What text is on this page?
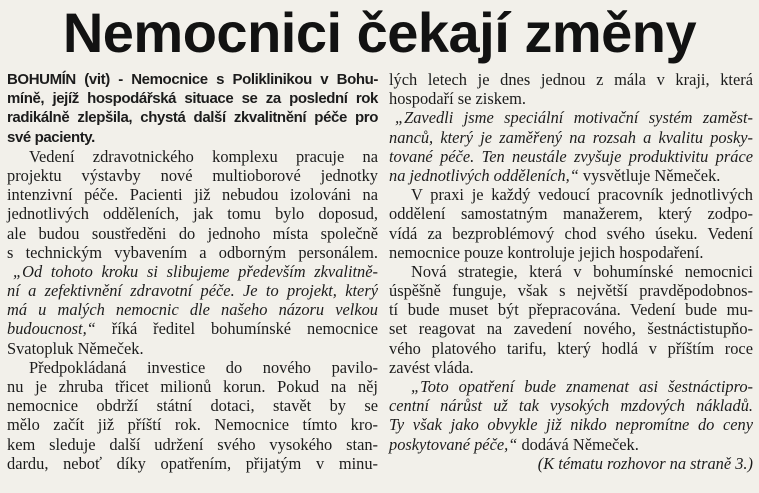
Nemocnici čekají změny
BOHUMÍN (vit) - Nemocnice s Poliklinikou v Bohu-
míně, jejíž hospodářská situace se za poslední rok
radikálně zlepšila, chystá další zkvalitnění péče pro
své pacienty.
Vedení zdravotnického komplexu pracuje na
projektu výstavby nové multioborové jednotky
intenzivní péče. Pacienti již nebudou izolováni na
jednotlivých odděleních, jak tomu bylo doposud,
ale budou soustředěni do jednoho místa společně
s technickým vybavením a odborným personálem.
„Od tohoto kroku si slibujeme především zkvalitně-
ní a zefektivnění zdravotní péče. Je to projekt, který
má u malých nemocnic dle našeho názoru velkou
budoucnost,“ říká ředitel bohumínské nemocnice
Svatopluk Němeček.
Předpokládaná investice do nového pavilo-
nu je zhruba třicet milionů korun. Pokud na něj
nemocnice obdrží státní dotaci, stavět by se
mělo začít již příští rok. Nemocnice tímto kro-
kem sleduje další udržení svého vysokého stan-
dardu, neboť díky opatřením, přijatým v minu-
lých letech je dnes jednou z mála v kraji, která
hospodaří se ziskem.
„Zavedli jsme speciální motivační systém zaměst-
nanců, který je zaměřený na rozsah a kvalitu posky-
tované péče. Ten neustále zvyšuje produktivitu práce
na jednotlivých odděleních,“ vysvětluje Němeček.
V praxi je každý vedoucí pracovník jednotlivých
oddělení samostatným manažerem, který zodpo-
vídá za bezproblémový chod svého úseku. Vedení
nemocnice pouze kontroluje jejich hospodaření.
Nová strategie, která v bohumínské nemocnici
úspěšně funguje, však s největší pravděpodobnos-
tí bude muset být přepracována. Vedení bude mu-
set reagovat na zavedení nového, šestnáctistupňo-
vého platového tarifu, který hodlá v příštím roce
zavést vláda.
„Toto opatření bude znamenat asi šestnáctipro-
centní nárůst už tak vysokých mzdových nákladů.
Ty však jako obvykle již nikdo nepromítne do ceny
poskytované péče,“ dodává Němeček.
(K tématu rozhovor na straně 3.)
